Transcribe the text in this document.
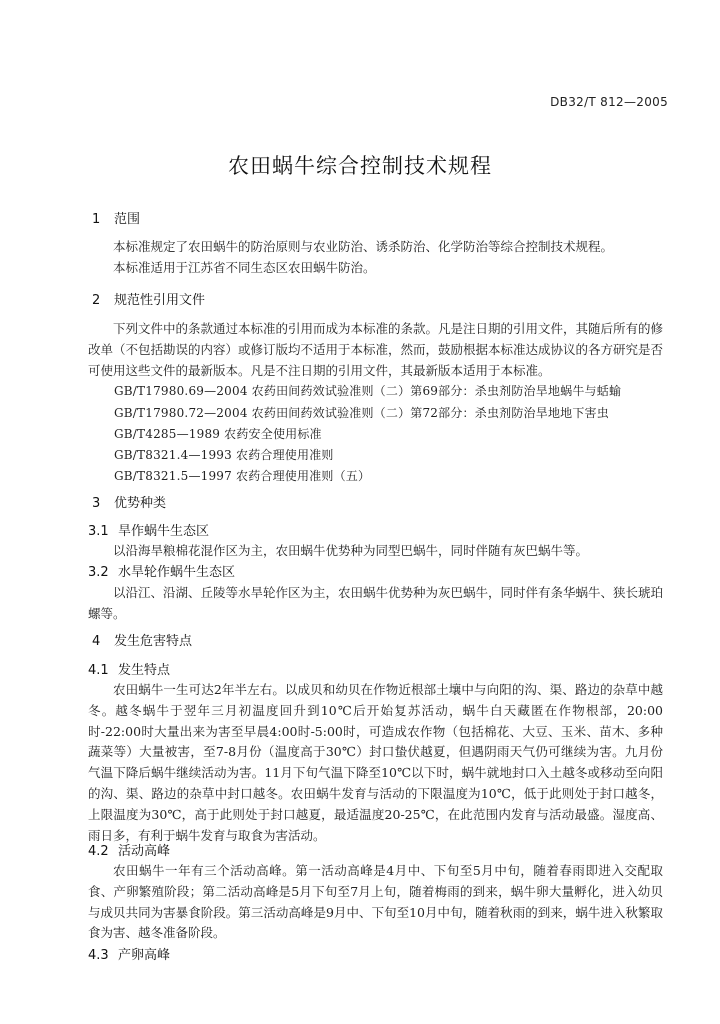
DB32/T 812—2005
农田蜗牛综合控制技术规程
1 范围
本标准规定了农田蜗牛的防治原则与农业防治、诱杀防治、化学防治等综合控制技术规程。
本标准适用于江苏省不同生态区农田蜗牛防治。
2 规范性引用文件
下列文件中的条款通过本标准的引用而成为本标准的条款。凡是注日期的引用文件，其随后所有的修改单（不包括勘误的内容）或修订版均不适用于本标准，然而，鼓励根据本标准达成协议的各方研究是否可使用这些文件的最新版本。凡是不注日期的引用文件，其最新版本适用于本标准。
GB/T17980.69—2004 农药田间药效试验准则（二）第69部分：杀虫剂防治旱地蜗牛与蛞蝓
GB/T17980.72—2004 农药田间药效试验准则（二）第72部分：杀虫剂防治旱地地下害虫
GB/T4285—1989 农药安全使用标准
GB/T8321.4—1993 农药合理使用准则
GB/T8321.5—1997 农药合理使用准则（五）
3 优势种类
3.1 旱作蜗牛生态区
以沿海旱粮棉花混作区为主，农田蜗牛优势种为同型巴蜗牛，同时伴随有灰巴蜗牛等。
3.2 水旱轮作蜗牛生态区
以沿江、沿湖、丘陵等水旱轮作区为主，农田蜗牛优势种为灰巴蜗牛，同时伴有条华蜗牛、狭长琥珀螺等。
4 发生危害特点
4.1 发生特点
农田蜗牛一生可达2年半左右。以成贝和幼贝在作物近根部土壤中与向阳的沟、渠、路边的杂草中越冬。越冬蜗牛于翌年三月初温度回升到10℃后开始复苏活动，蜗牛白天藏匿在作物根部，20:00时-22:00时大量出来为害至早晨4:00时-5:00时，可造成农作物（包括棉花、大豆、玉米、苗木、多种蔬菜等）大量被害，至7-8月份（温度高于30℃）封口蛰伏越夏，但遇阴雨天气仍可继续为害。九月份气温下降后蜗牛继续活动为害。11月下旬气温下降至10℃以下时，蜗牛就地封口入土越冬或移动至向阳的沟、渠、路边的杂草中封口越冬。农田蜗牛发育与活动的下限温度为10℃，低于此则处于封口越冬，上限温度为30℃，高于此则处于封口越夏，最适温度20-25℃，在此范围内发育与活动最盛。湿度高、雨日多，有利于蜗牛发育与取食为害活动。
4.2 活动高峰
农田蜗牛一年有三个活动高峰。第一活动高峰是4月中、下旬至5月中旬，随着春雨即进入交配取食、产卵繁殖阶段；第二活动高峰是5月下旬至7月上旬，随着梅雨的到来，蜗牛卵大量孵化，进入幼贝与成贝共同为害暴食阶段。第三活动高峰是9月中、下旬至10月中旬，随着秋雨的到来，蜗牛进入秋繁取食为害、越冬准备阶段。
4.3 产卵高峰
